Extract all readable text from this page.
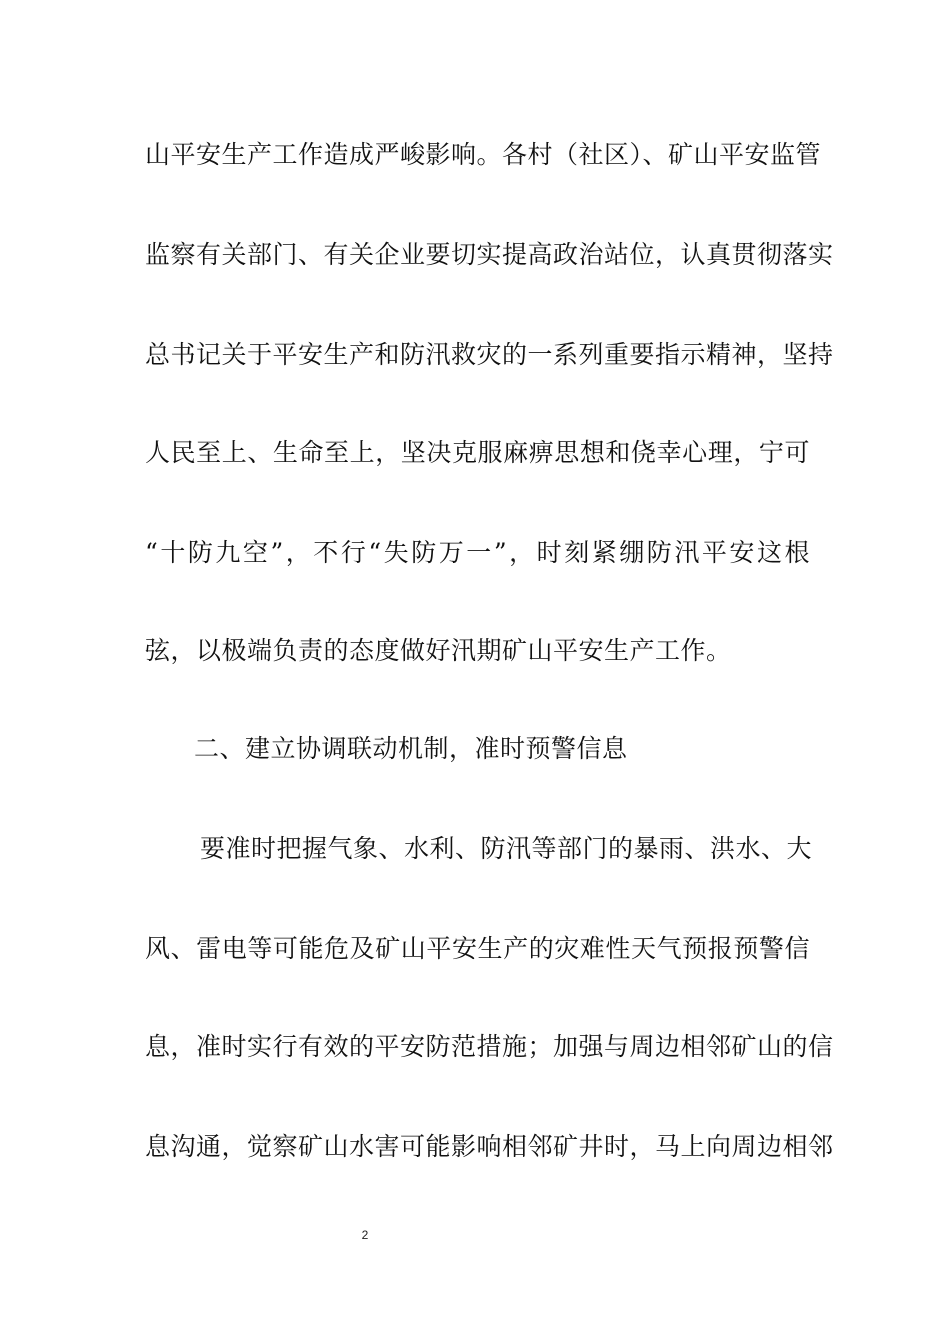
山平安生产工作造成严峻影响。各村（社区）、矿山平安监管
监察有关部门、有关企业要切实提高政治站位，认真贯彻落实
总书记关于平安生产和防汛救灾的一系列重要指示精神，坚持
人民至上、生命至上，坚决克服麻痹思想和侥幸心理，宁可
“十防九空”，不行“失防万一”，时刻紧绷防汛平安这根
弦，以极端负责的态度做好汛期矿山平安生产工作。
二、建立协调联动机制，准时预警信息
要准时把握气象、水利、防汛等部门的暴雨、洪水、大
风、雷电等可能危及矿山平安生产的灾难性天气预报预警信
息，准时实行有效的平安防范措施；加强与周边相邻矿山的信
息沟通，觉察矿山水害可能影响相邻矿井时，马上向周边相邻
2
